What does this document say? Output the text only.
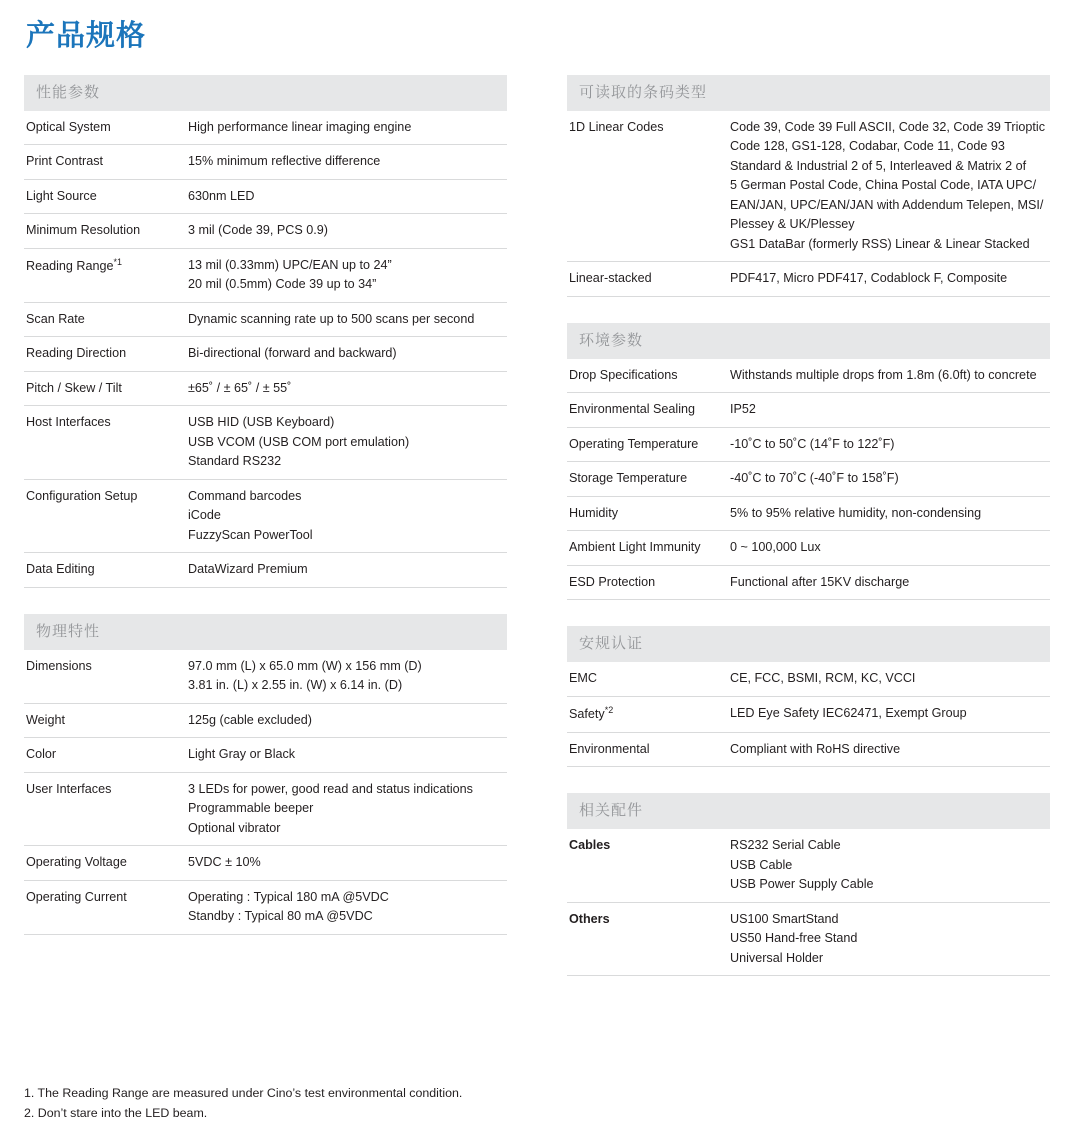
产品规格
性能参数
Optical System	High performance linear imaging engine

Print Contrast	15% minimum reflective difference

Light Source	630nm LED

Minimum Resolution	3 mil (Code 39, PCS 0.9)

Reading Range$^{*1}$	13 mil (0.33mm) UPC/EAN up to 24”
20 mil (0.5mm) Code 39 up to 34”

Scan Rate	Dynamic scanning rate up to 500 scans per second

Reading Direction	Bi-directional (forward and backward)

Pitch / Skew / Tilt	±65˚ / ± 65˚ / ± 55˚

Host Interfaces	USB HID (USB Keyboard)
USB VCOM (USB COM port emulation)
Standard RS232

Configuration Setup	Command barcodes
iCode
FuzzyScan PowerTool

Data Editing	DataWizard Premium
物理特性
Dimensions	97.0 mm (L) x 65.0 mm (W) x 156 mm (D)
3.81 in. (L) x 2.55 in. (W) x 6.14 in. (D)

Weight	125g (cable excluded)

Color	Light Gray or Black

User Interfaces	3 LEDs for power, good read and status indications
Programmable beeper
Optional vibrator

Operating Voltage	5VDC ± 10%

Operating Current	Operating : Typical 180 mA @5VDC
Standby : Typical 80 mA @5VDC
可读取的条码类型
1D Linear Codes	Code 39, Code 39 Full ASCII, Code 32, Code 39 Trioptic
Code 128, GS1-128, Codabar, Code 11, Code 93
Standard & Industrial 2 of 5, Interleaved & Matrix 2 of
5 German Postal Code, China Postal Code, IATA UPC/
EAN/JAN, UPC/EAN/JAN with Addendum Telepen, MSI/
Plessey & UK/Plessey
GS1 DataBar (formerly RSS) Linear & Linear Stacked

Linear-stacked	PDF417, Micro PDF417, Codablock F, Composite
环境参数
Drop Specifications	Withstands multiple drops from 1.8m (6.0ft) to concrete

Environmental Sealing	IP52

Operating Temperature	-10˚C to 50˚C (14˚F to 122˚F)

Storage Temperature	-40˚C to 70˚C (-40˚F to 158˚F)

Humidity	5% to 95% relative humidity, non-condensing

Ambient Light Immunity	0 ~ 100,000 Lux

ESD Protection	Functional after 15KV discharge
安规认证
EMC	CE, FCC, BSMI, RCM, KC, VCCI

Safety$^{*2}$	LED Eye Safety IEC62471, Exempt Group

Environmental	Compliant with RoHS directive
相关配件
Cables	RS232 Serial Cable
USB Cable
USB Power Supply Cable

Others	US100 SmartStand
US50 Hand-free Stand
Universal Holder
1. The Reading Range are measured under Cino’s test environmental condition.
2. Don’t stare into the LED beam.
